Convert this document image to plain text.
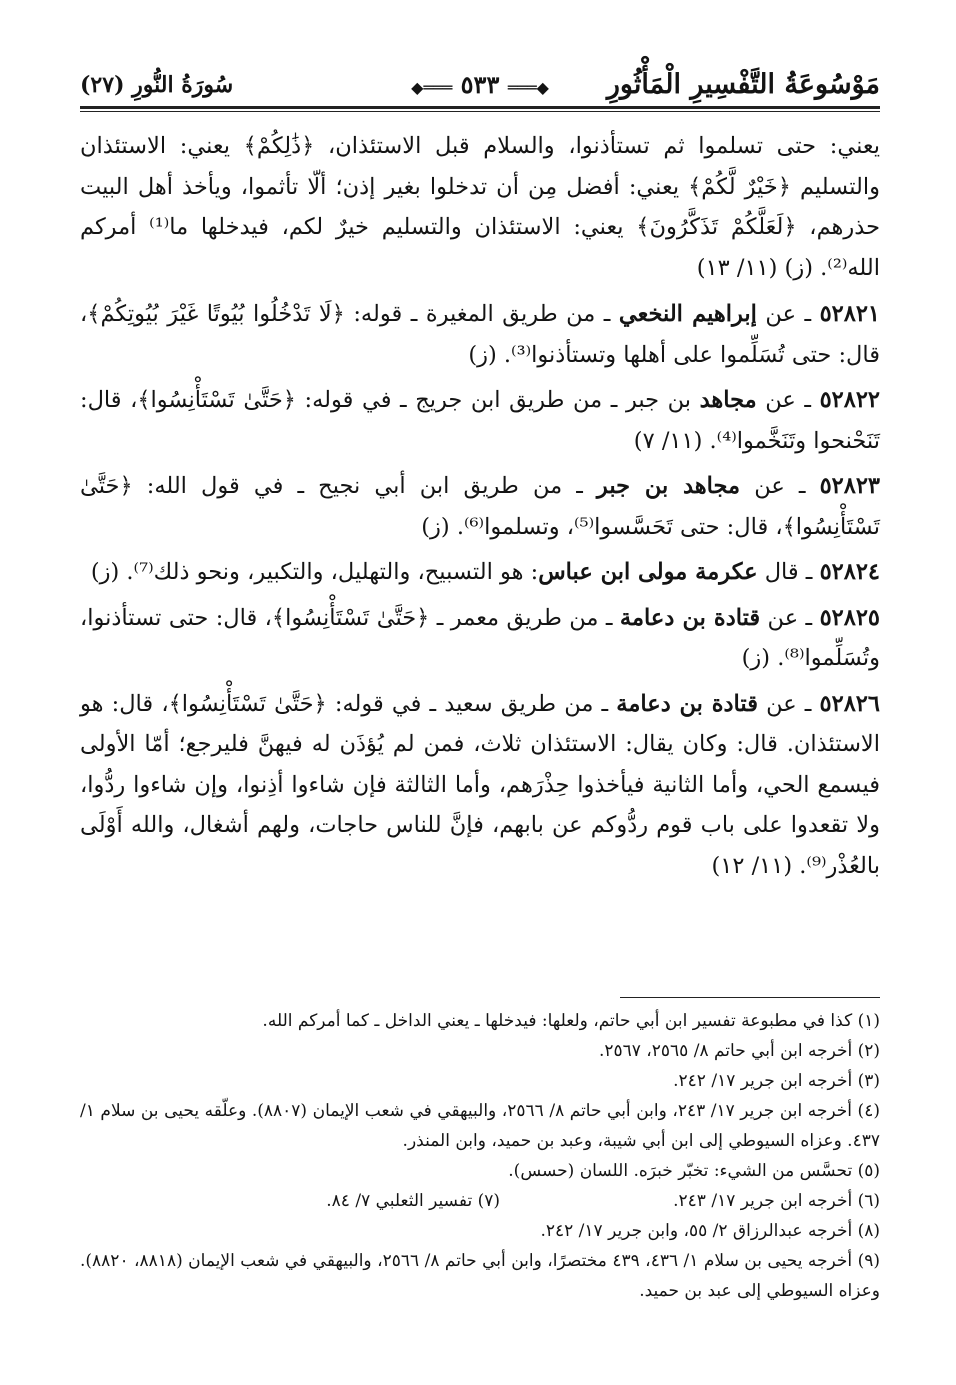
مَوْسُوعَةُ التَّفْسِيرِ الْمَأْثُورِ
◆═══ ٥٣٣ ═══◆
سُورَةُ النُّورِ (٢٧)

يعني: حتى تسلموا ثم تستأذنوا، والسلام قبل الاستئذان، ﴿ذَٰلِكُمْ﴾ يعني: الاستئذان والتسليم ﴿خَيْرٌ لَّكُمْ﴾ يعني: أفضل مِن أن تدخلوا بغير إذن؛ ألّا تأثموا، ويأخذ أهل البيت حذرهم، ﴿لَعَلَّكُمْ تَذَكَّرُونَ﴾ يعني: الاستئذان والتسليم خيرٌ لكم، فيدخلها ما⁽¹⁾ أمركم الله⁽²⁾. (ز) (١١/ ١٣)

٥٢٨٢١ ـ عن إبراهيم النخعي ـ من طريق المغيرة ـ قوله: ﴿لَا تَدْخُلُوا بُيُوتًا غَيْرَ بُيُوتِكُمْ﴾، قال: حتى تُسَلِّموا على أهلها وتستأذنوا⁽³⁾. (ز)

٥٢٨٢٢ ـ عن مجاهد بن جبر ـ من طريق ابن جريج ـ في قوله: ﴿حَتَّىٰ تَسْتَأْنِسُوا﴾، قال: تَنَحْنحوا وتَنَخَّموا⁽⁴⁾. (١١/ ٧)

٥٢٨٢٣ ـ عن مجاهد بن جبر ـ من طريق ابن أبي نجيح ـ في قول الله: ﴿حَتَّىٰ تَسْتَأْنِسُوا﴾، قال: حتى تَحَسَّسوا⁽⁵⁾، وتسلموا⁽⁶⁾. (ز)

٥٢٨٢٤ ـ قال عكرمة مولى ابن عباس: هو التسبيح، والتهليل، والتكبير، ونحو ذلك⁽⁷⁾. (ز)

٥٢٨٢٥ ـ عن قتادة بن دعامة ـ من طريق معمر ـ ﴿حَتَّىٰ تَسْتَأْنِسُوا﴾، قال: حتى تستأذنوا، وتُسَلِّموا⁽⁸⁾. (ز)

٥٢٨٢٦ ـ عن قتادة بن دعامة ـ من طريق سعيد ـ في قوله: ﴿حَتَّىٰ تَسْتَأْنِسُوا﴾، قال: هو الاستئذان. قال: وكان يقال: الاستئذان ثلاث، فمن لم يُؤذَن له فيهنَّ فليرجع؛ أمّا الأولى فيسمع الحي، وأما الثانية فيأخذوا حِذْرَهم، وأما الثالثة فإن شاءوا أذِنوا، وإن شاءوا ردُّوا، ولا تقعدوا على باب قوم ردُّوكم عن بابهم، فإنَّ للناس حاجات، ولهم أشغال، والله أَوْلَى بالعُذْر⁽⁹⁾. (١١/ ١٢)

(١) كذا في مطبوعة تفسير ابن أبي حاتم، ولعلها: فيدخلها ـ يعني الداخل ـ كما أمركم الله.

(٢) أخرجه ابن أبي حاتم ٨/ ٢٥٦٥، ٢٥٦٧.

(٣) أخرجه ابن جرير ١٧/ ٢٤٢.

(٤) أخرجه ابن جرير ١٧/ ٢٤٣، وابن أبي حاتم ٨/ ٢٥٦٦، والبيهقي في شعب الإيمان (٨٨٠٧). وعلّقه يحيى بن سلام ١/ ٤٣٧. وعزاه السيوطي إلى ابن أبي شيبة، وعبد بن حميد، وابن المنذر.

(٥) تحسَّس من الشيء: تخبّر خبرَه. اللسان (حسس).

(٦) أخرجه ابن جرير ١٧/ ٢٤٣.
(٧) تفسير الثعلبي ٧/ ٨٤.

(٨) أخرجه عبدالرزاق ٢/ ٥٥، وابن جرير ١٧/ ٢٤٢.

(٩) أخرجه يحيى بن سلام ١/ ٤٣٦، ٤٣٩ مختصرًا، وابن أبي حاتم ٨/ ٢٥٦٦، والبيهقي في شعب الإيمان (٨٨١٨، ٨٨٢٠). وعزاه السيوطي إلى عبد بن حميد.
